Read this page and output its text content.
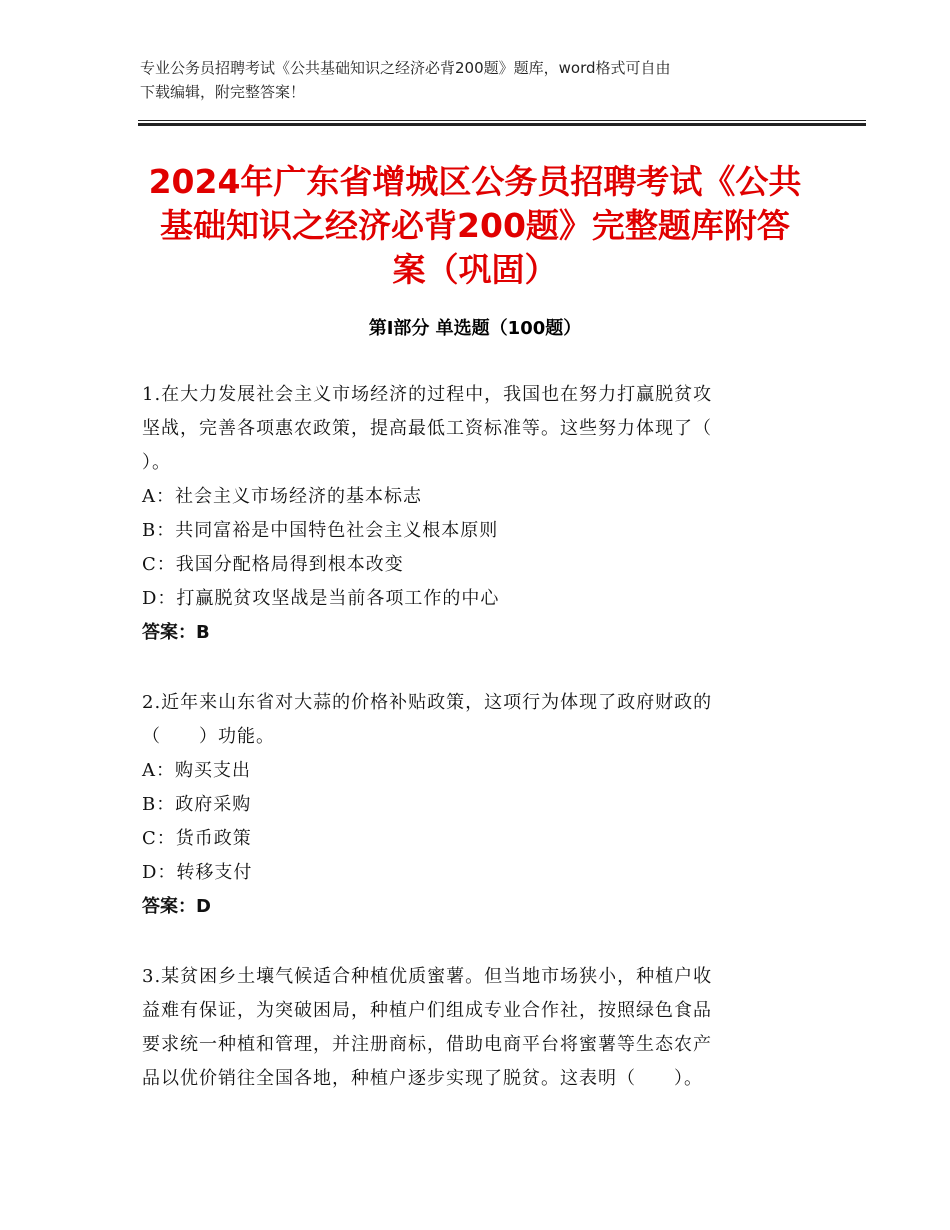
专业公务员招聘考试《公共基础知识之经济必背200题》题库，word格式可自由
下载编辑，附完整答案！
2024年广东省增城区公务员招聘考试《公共
基础知识之经济必背200题》完整题库附答
案（巩固）
第Ⅰ部分 单选题（100题）

1.在大力发展社会主义市场经济的过程中，我国也在努力打赢脱贫攻

坚战，完善各项惠农政策，提高最低工资标准等。这些努力体现了（

）。

A：社会主义市场经济的基本标志

B：共同富裕是中国特色社会主义根本原则

C：我国分配格局得到根本改变

D：打赢脱贫攻坚战是当前各项工作的中心

答案：B

2.近年来山东省对大蒜的价格补贴政策，这项行为体现了政府财政的

（　　）功能。

A：购买支出

B：政府采购

C：货币政策

D：转移支付

答案：D

3.某贫困乡土壤气候适合种植优质蜜薯。但当地市场狭小，种植户收

益难有保证，为突破困局，种植户们组成专业合作社，按照绿色食品

要求统一种植和管理，并注册商标，借助电商平台将蜜薯等生态农产

品以优价销往全国各地，种植户逐步实现了脱贫。这表明（　　）。
